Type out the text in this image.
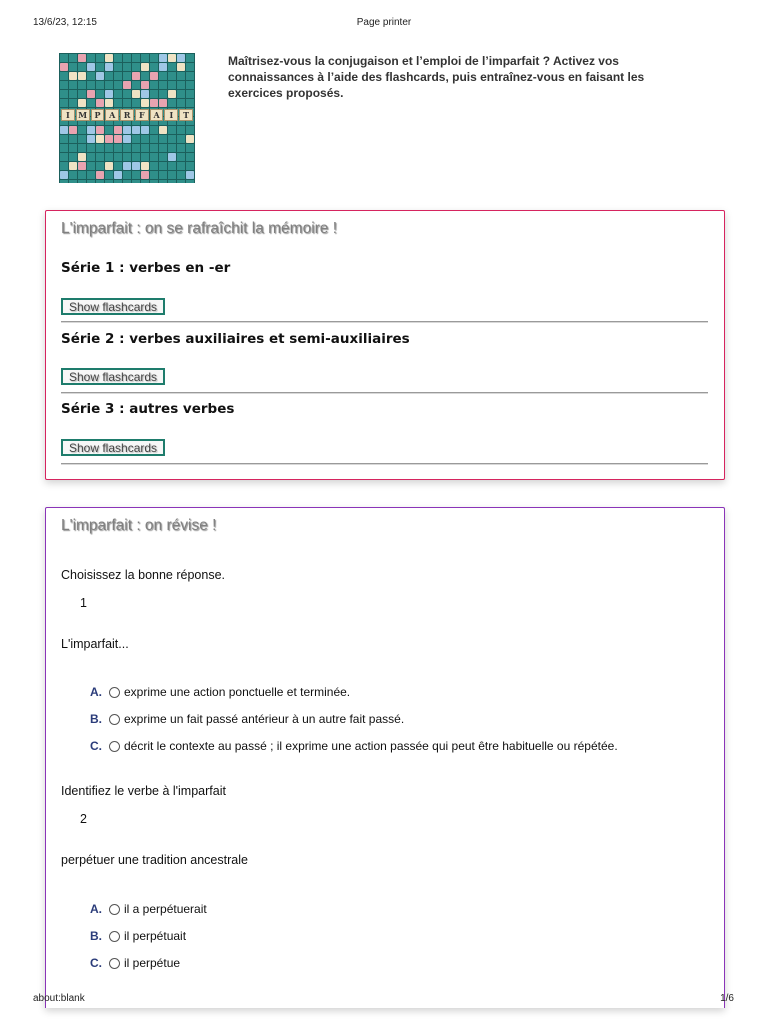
13/6/23, 12:15	Page printer
I	M P	A	R	F	A	I	T
Maîtrisez-vous la conjugaison et l’emploi de l’imparfait ? Activez vos connaissances à l’aide des flashcards, puis entraînez-vous en faisant les exercices proposés.
L'imparfait : on se rafraîchit la mémoire !
Série 1 : verbes en -er
Show flashcards
Série 2 : verbes auxiliaires et semi-auxiliaires
Show flashcards
Série 3 : autres verbes
Show flashcards
L'imparfait : on révise !
Choisissez la bonne réponse.
1
L'imparfait...
A.	exprime une action ponctuelle et terminée.
B.	exprime un fait passé antérieur à un autre fait passé.
C.	décrit le contexte au passé ; il exprime une action passée qui peut être habituelle ou répétée.
Identifiez le verbe à l'imparfait
2
perpétuer une tradition ancestrale
A.	il a perpétuerait
B.	il perpétuait
C.	il perpétue
about:blank	1/6
